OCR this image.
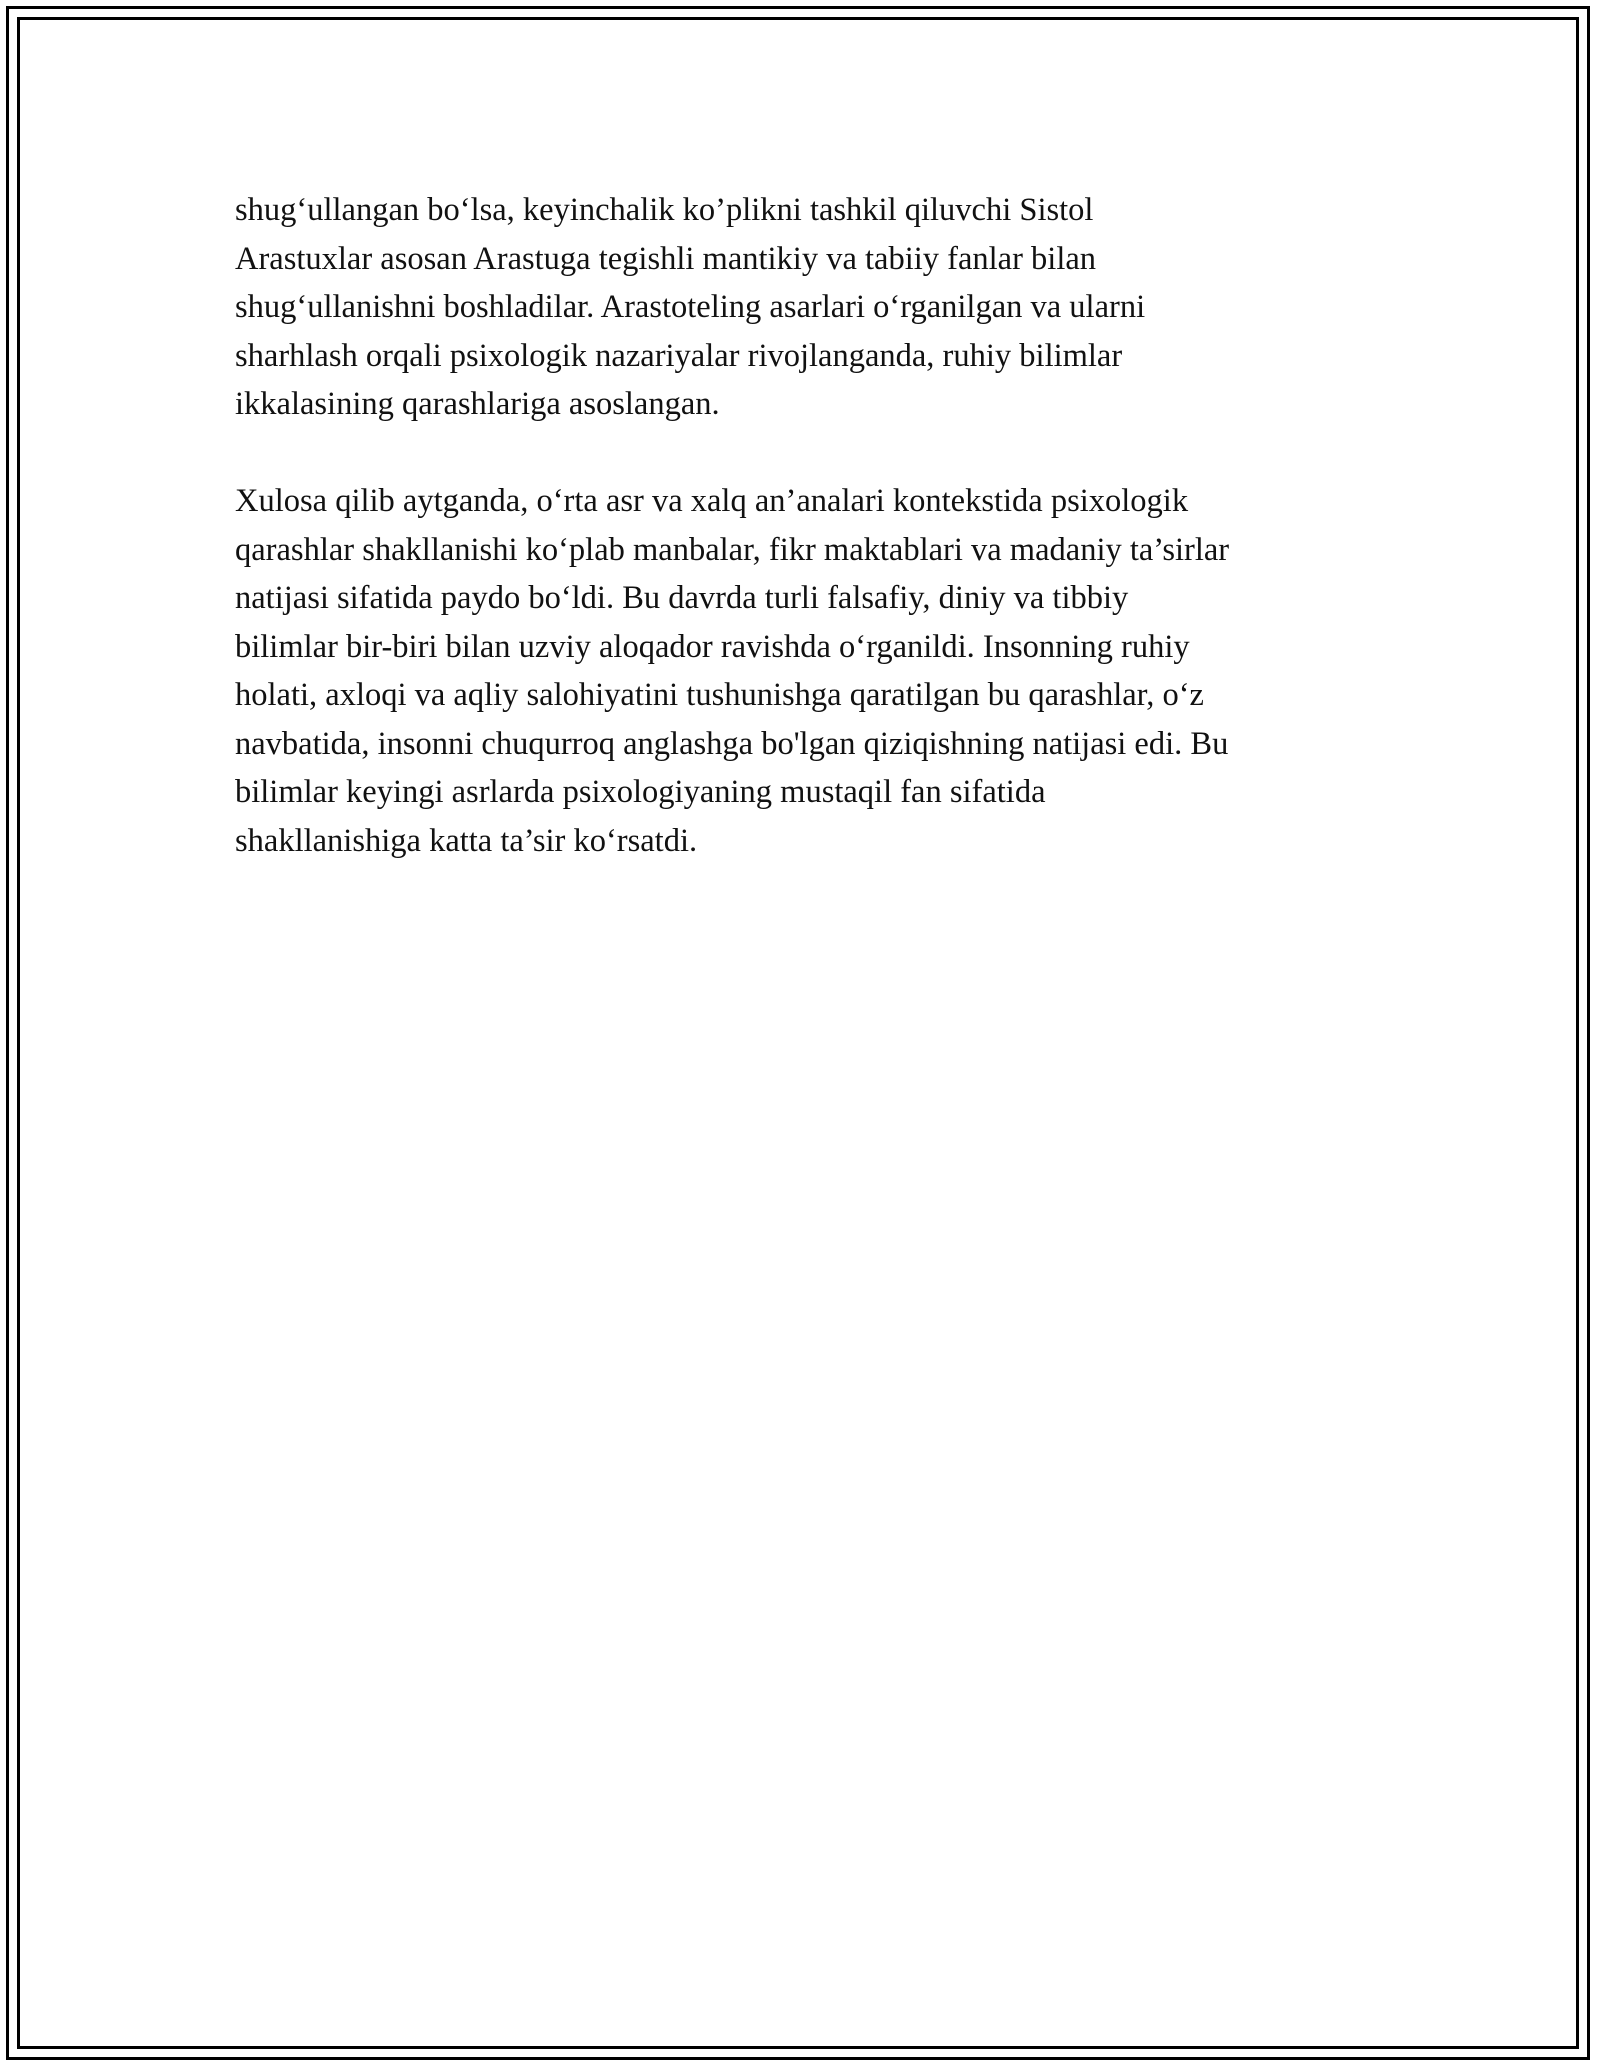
shug‘ullangan bo‘lsa, keyinchalik ko’plikni tashkil qiluvchi Sistol
Arastuxlar asosan Arastuga tegishli mantikiy va tabiiy fanlar bilan
shug‘ullanishni boshladilar. Arastoteling asarlari o‘rganilgan va ularni
sharhlash orqali psixologik nazariyalar rivojlanganda, ruhiy bilimlar
ikkalasining qarashlariga asoslangan.
Xulosa qilib aytganda, o‘rta asr va xalq an’analari kontekstida psixologik
qarashlar shakllanishi ko‘plab manbalar, fikr maktablari va madaniy ta’sirlar
natijasi sifatida paydo bo‘ldi. Bu davrda turli falsafiy, diniy va tibbiy
bilimlar bir-biri bilan uzviy aloqador ravishda o‘rganildi. Insonning ruhiy
holati, axloqi va aqliy salohiyatini tushunishga qaratilgan bu qarashlar, o‘z
navbatida, insonni chuqurroq anglashga bo'lgan qiziqishning natijasi edi. Bu
bilimlar keyingi asrlarda psixologiyaning mustaqil fan sifatida
shakllanishiga katta ta’sir ko‘rsatdi.
